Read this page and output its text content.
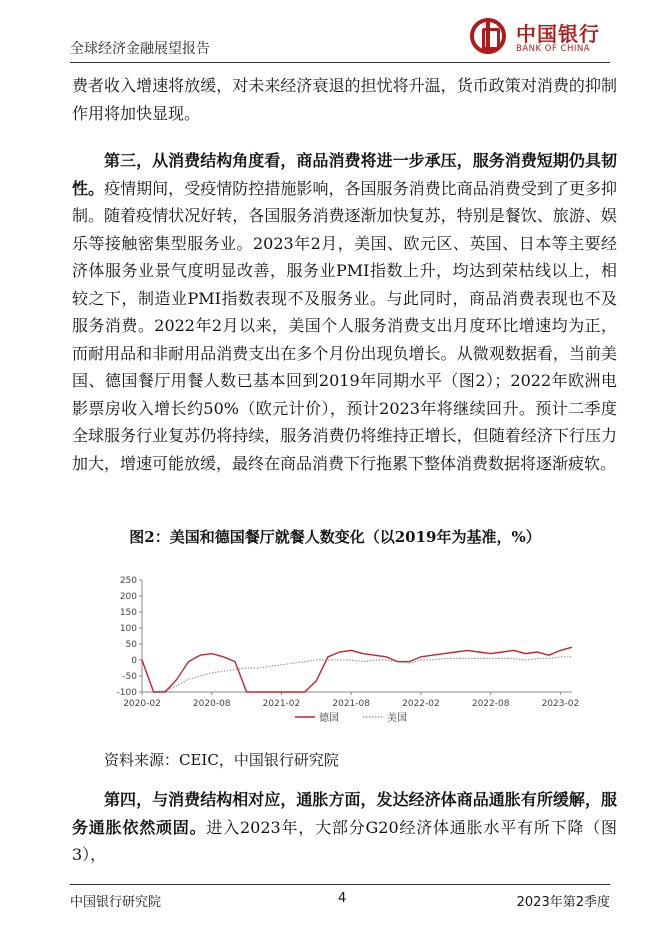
全球经济金融展望报告
中国银行
BANK OF CHINA

费者收入增速将放缓，对未来经济衰退的担忧将升温，货币政策对消费的抑制作用将加快显现。

第三，从消费结构角度看，商品消费将进一步承压，服务消费短期仍具韧性。疫情期间，受疫情防控措施影响，各国服务消费比商品消费受到了更多抑制。随着疫情状况好转，各国服务消费逐渐加快复苏，特别是餐饮、旅游、娱乐等接触密集型服务业。2023年2月，美国、欧元区、英国、日本等主要经济体服务业景气度明显改善，服务业PMI指数上升，均达到荣枯线以上，相较之下，制造业PMI指数表现不及服务业。与此同时，商品消费表现也不及服务消费。2022年2月以来，美国个人服务消费支出月度环比增速均为正，而耐用品和非耐用品消费支出在多个月份出现负增长。从微观数据看，当前美国、德国餐厅用餐人数已基本回到2019年同期水平（图2）；2022年欧洲电影票房收入增长约50%（欧元计价），预计2023年将继续回升。预计二季度全球服务行业复苏仍将持续，服务消费仍将维持正增长，但随着经济下行压力加大，增速可能放缓，最终在商品消费下行拖累下整体消费数据将逐渐疲软。

图2：美国和德国餐厅就餐人数变化（以2019年为基准，%）
250
200
150
100
50
0
-50
-100
2020-02	2020-08	2021-02	2021-08	2022-02	2022-08	2023-02
德国	美国
资料来源：CEIC，中国银行研究院

第四，与消费结构相对应，通胀方面，发达经济体商品通胀有所缓解，服务通胀依然顽固。进入2023年，大部分G20经济体通胀水平有所下降（图3），

中国银行研究院	4	2023年第2季度
